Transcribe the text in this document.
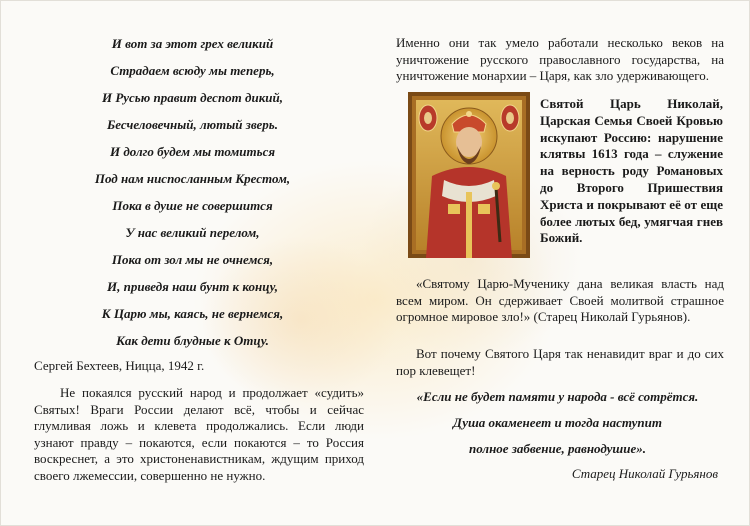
И вот за этот грех великий
Страдаем всюду мы теперь,
И Русью правит деспот дикий,
Бесчеловечный, лютый зверь.
И долго будем мы томиться
Под нам ниспосланным Крестом,
Пока в душе не совершится
У нас великий перелом,
Пока от зол мы не очнемся,
И, приведя наш бунт к концу,
К Царю мы, каясь, не вернемся,
Как дети блудные к Отцу.
Сергей Бехтеев, Ницца, 1942 г.
Не покаялся русский народ и продолжает «судить» Святых! Враги России делают всё, чтобы и сейчас глумливая ложь и клевета продолжались. Если люди узнают правду – покаются, если покаются – то Россия воскреснет, а это христоненавистникам, ждущим приход своего лжемессии, совершенно не нужно.
Именно они так умело работали несколько веков на уничтожение русского православного государства, на уничтожение монархии – Царя, как зло удерживающего.
Святой Царь Николай, Царская Семья Своей Кровью искупают Россию: нарушение клятвы 1613 года – служение на верность роду Романовых до Второго Пришествия Христа и покрывают её от еще более лютых бед, умягчая гнев Божий.
«Святому Царю-Мученику дана великая власть над всем миром. Он сдерживает Своей молитвой страшное огромное мировое зло!» (Старец Николай Гурьянов).
Вот почему Святого Царя так ненавидит враг и до сих пор клевещет!
«Если не будет памяти у народа - всё сотрётся.
Душа окаменеет и тогда наступит
полное забвение, равнодушие».
Старец Николай Гурьянов
